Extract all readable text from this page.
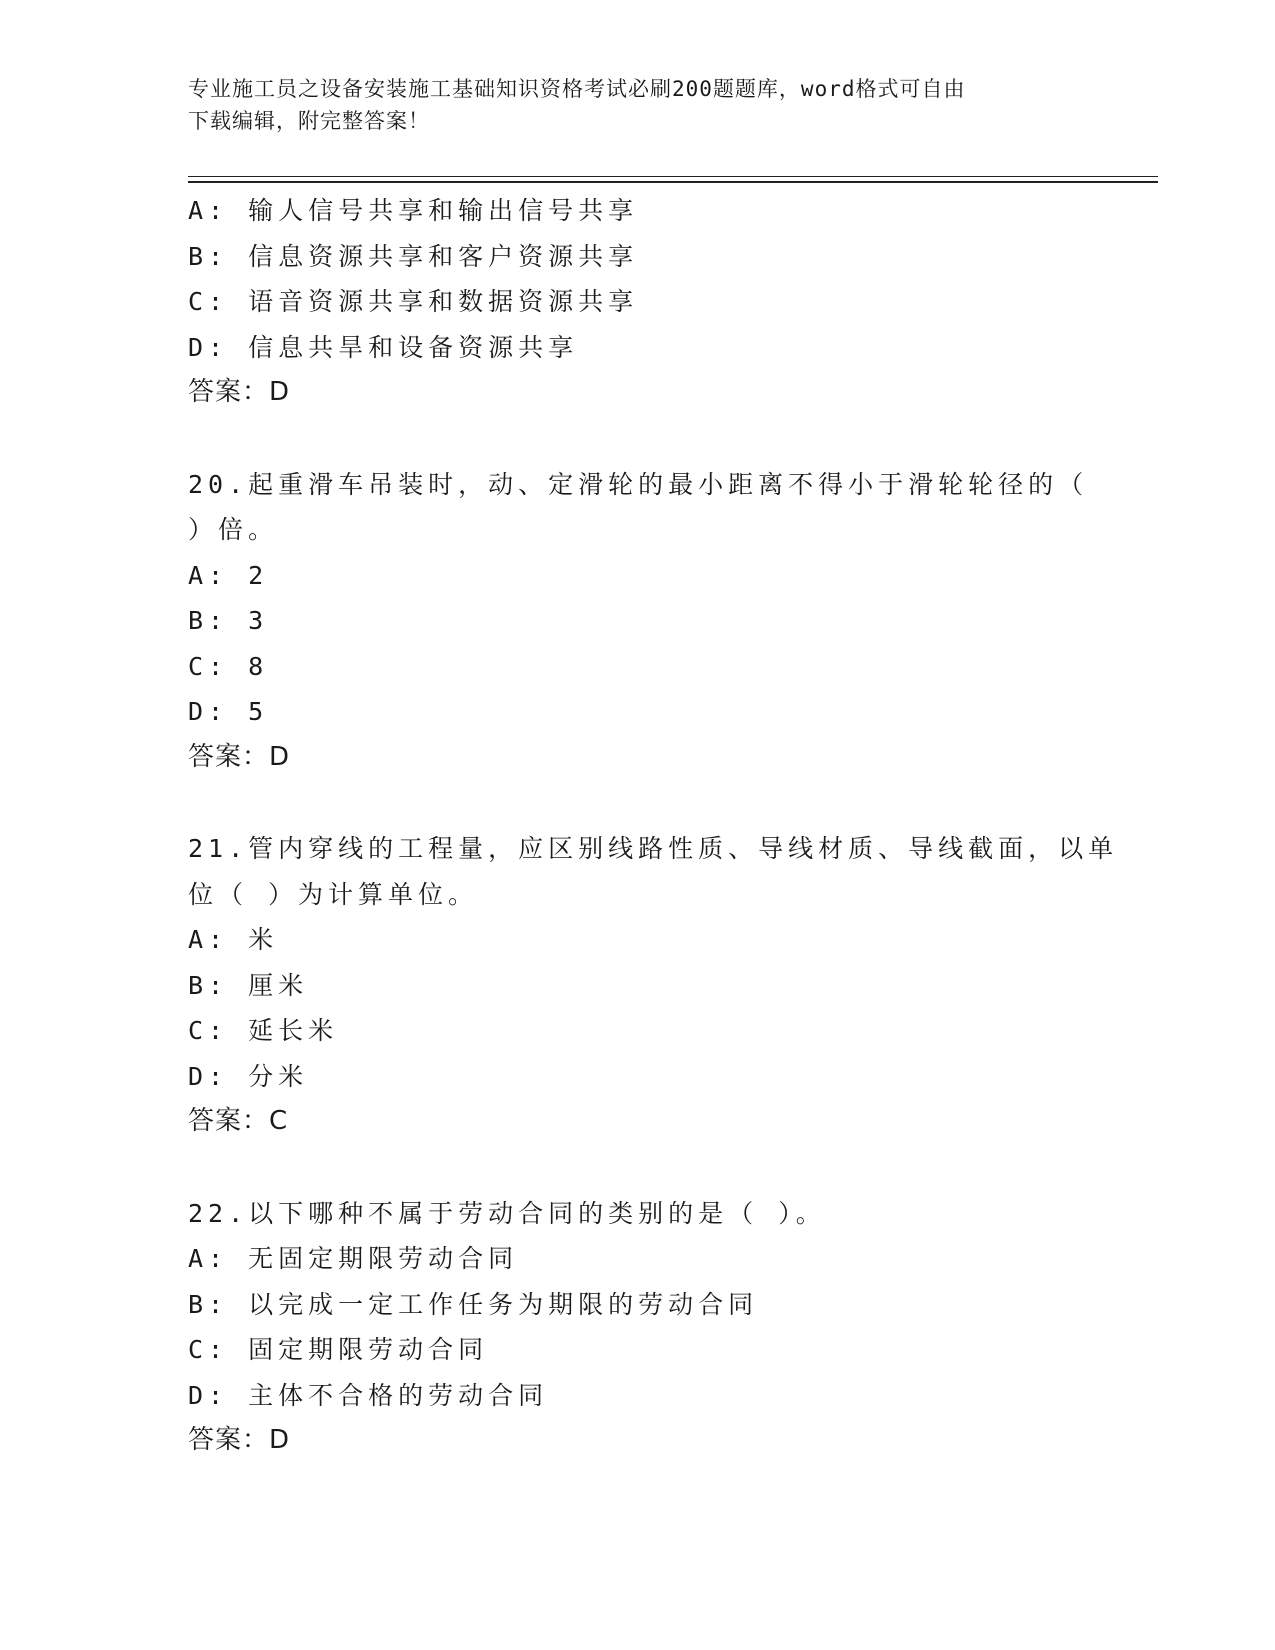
专业施工员之设备安装施工基础知识资格考试必刷200题题库，word格式可自由
下载编辑，附完整答案！
A: 输人信号共享和输出信号共享
B: 信息资源共享和客户资源共享
C: 语音资源共享和数据资源共享
D: 信息共旱和设备资源共享
答案：D
20.起重滑车吊装时，动、定滑轮的最小距离不得小于滑轮轮径的（
）倍。
A: 2
B: 3
C: 8
D: 5
答案：D
21.管内穿线的工程量，应区别线路性质、导线材质、导线截面，以单
位（ ）为计算单位。
A: 米
B: 厘米
C: 延长米
D: 分米
答案：C
22.以下哪种不属于劳动合同的类别的是（ ）。
A: 无固定期限劳动合同
B: 以完成一定工作任务为期限的劳动合同
C: 固定期限劳动合同
D: 主体不合格的劳动合同
答案：D
